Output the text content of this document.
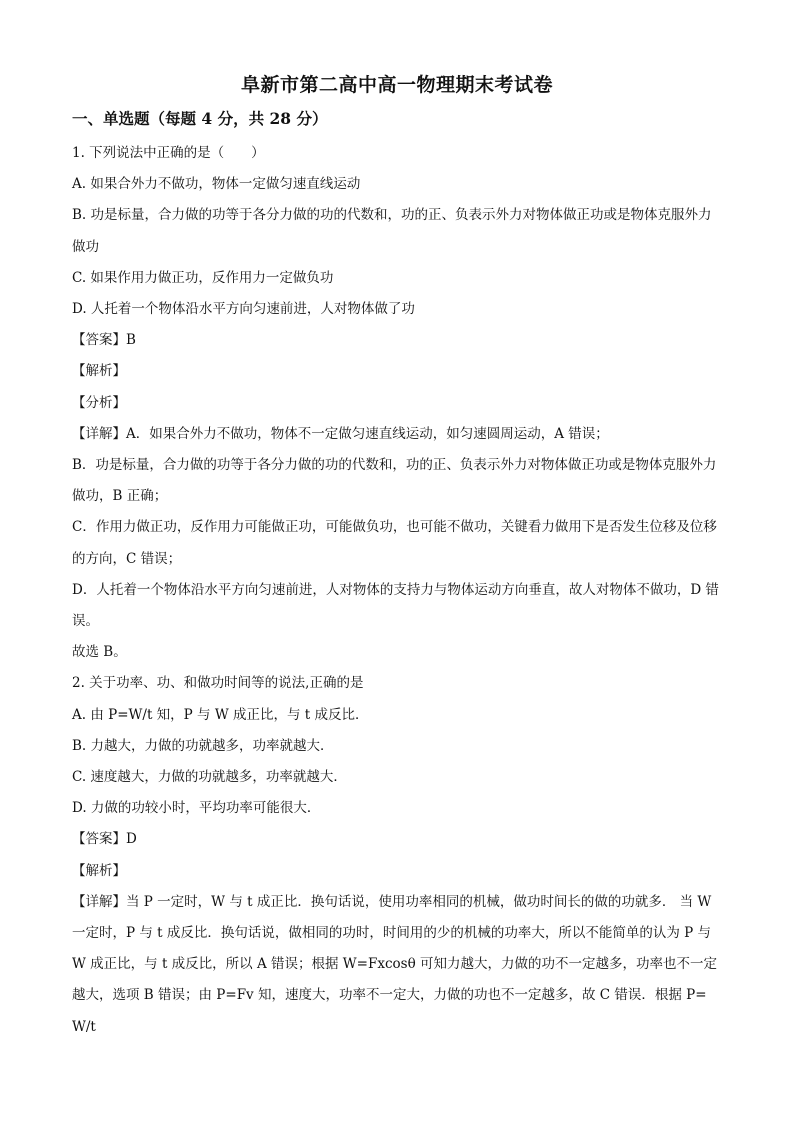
阜新市第二高中高一物理期末考试卷
一、单选题（每题 4 分，共 28 分）

1. 下列说法中正确的是（　　）

A. 如果合外力不做功，物体一定做匀速直线运动

B. 功是标量，合力做的功等于各分力做的功的代数和，功的正、负表示外力对物体做正功或是物体克服外力做功

C. 如果作用力做正功，反作用力一定做负功

D. 人托着一个物体沿水平方向匀速前进，人对物体做了功

【答案】B

【解析】

【分析】

【详解】A．如果合外力不做功，物体不一定做匀速直线运动，如匀速圆周运动，A 错误；

B．功是标量，合力做的功等于各分力做的功的代数和，功的正、负表示外力对物体做正功或是物体克服外力做功，B 正确；

C．作用力做正功，反作用力可能做正功，可能做负功，也可能不做功，关键看力做用下是否发生位移及位移的方向，C 错误；

D．人托着一个物体沿水平方向匀速前进，人对物体的支持力与物体运动方向垂直，故人对物体不做功，D 错误。

故选 B。

2. 关于功率、功、和做功时间等的说法,正确的是

A. 由 P=W/t 知，P 与 W 成正比，与 t 成反比．

B. 力越大，力做的功就越多，功率就越大．

C. 速度越大，力做的功就越多，功率就越大．

D. 力做的功较小时，平均功率可能很大．

【答案】D

【解析】

【详解】当 P 一定时，W 与 t 成正比．换句话说，使用功率相同的机械，做功时间长的做的功就多． 当 W 一定时，P 与 t 成反比．换句话说，做相同的功时，时间用的少的机械的功率大，所以不能简单的认为 P 与 W 成正比，与 t 成反比，所以 A 错误；根据 W=Fxcosθ 可知力越大，力做的功不一定越多，功率也不一定越大，选项 B 错误；由 P=Fv 知，速度大，功率不一定大，力做的功也不一定越多，故 C 错误．根据 P=W/t
